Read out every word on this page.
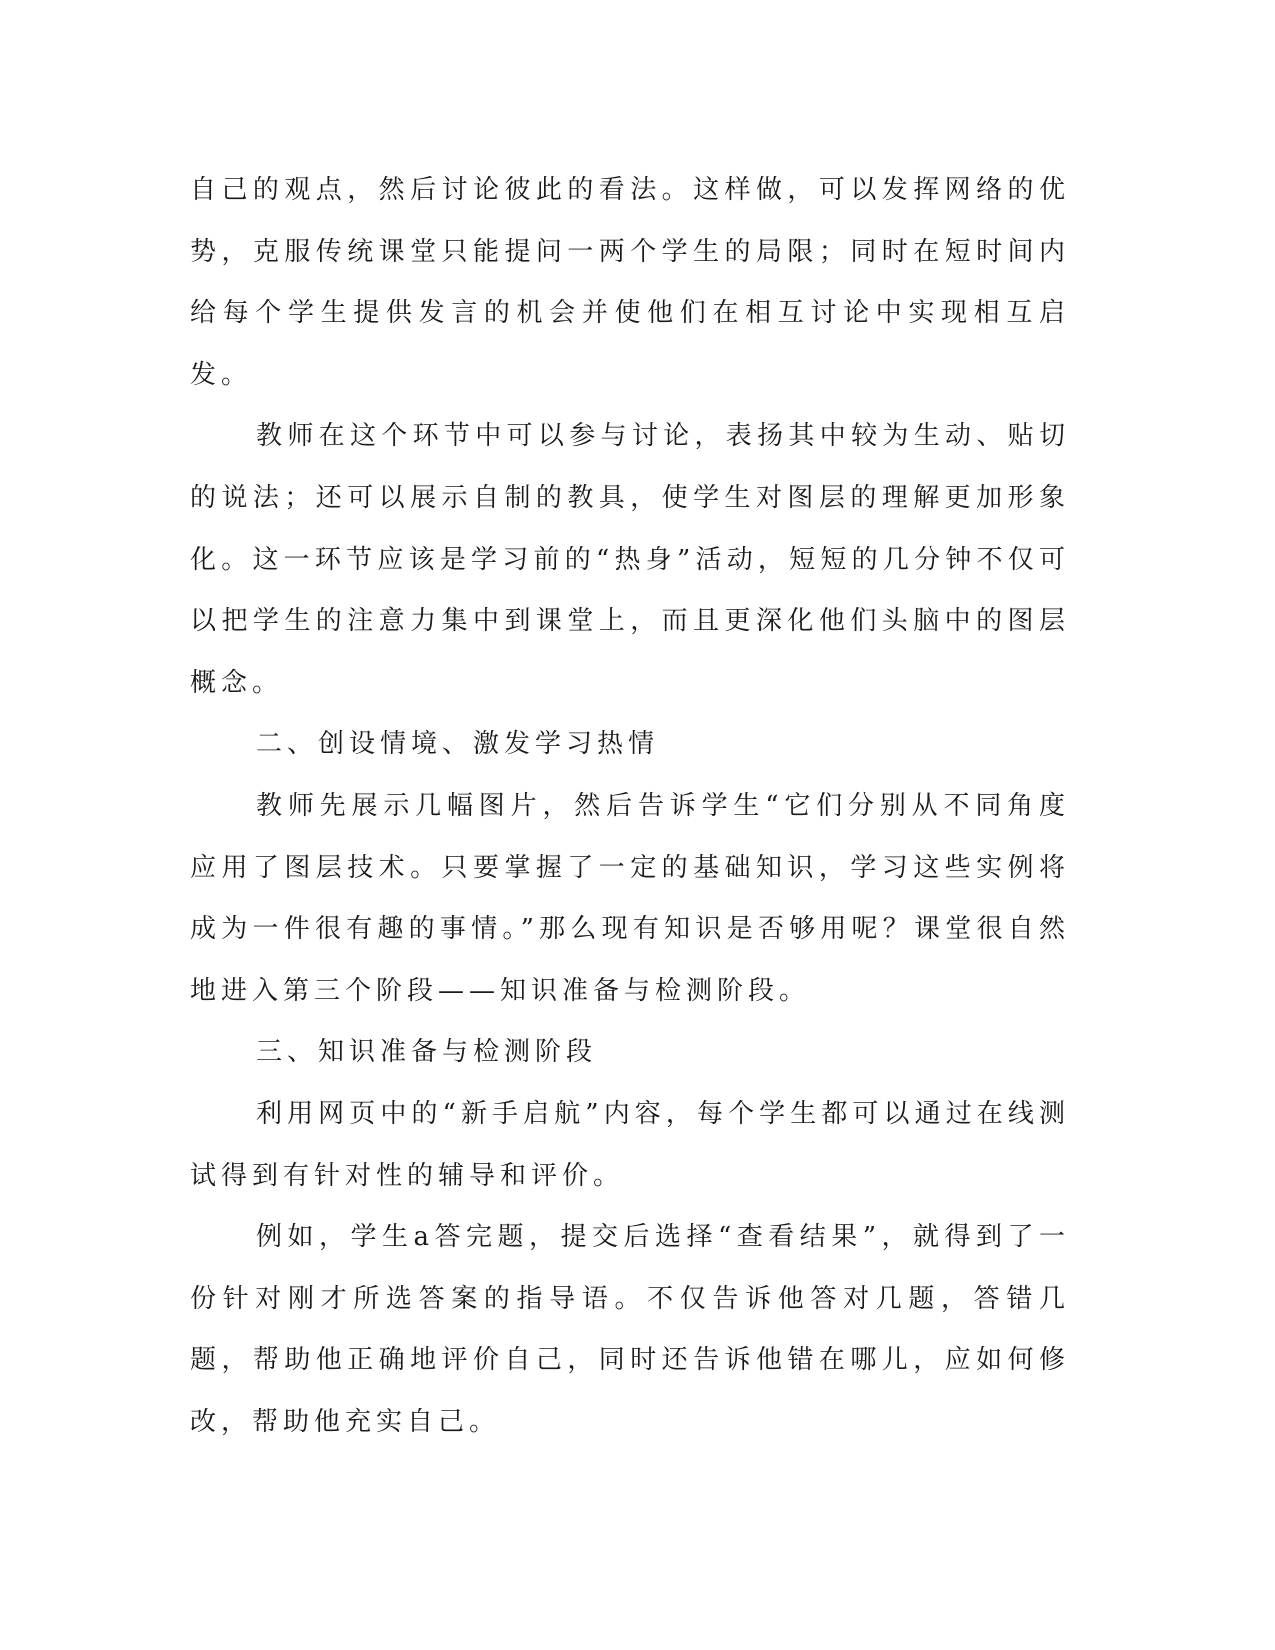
自己的观点，然后讨论彼此的看法。这样做，可以发挥网络的优势，克服传统课堂只能提问一两个学生的局限；同时在短时间内给每个学生提供发言的机会并使他们在相互讨论中实现相互启发。

教师在这个环节中可以参与讨论，表扬其中较为生动、贴切的说法；还可以展示自制的教具，使学生对图层的理解更加形象化。这一环节应该是学习前的“热身”活动，短短的几分钟不仅可以把学生的注意力集中到课堂上，而且更深化他们头脑中的图层概念。

二、创设情境、激发学习热情

教师先展示几幅图片，然后告诉学生“它们分别从不同角度应用了图层技术。只要掌握了一定的基础知识，学习这些实例将成为一件很有趣的事情。”那么现有知识是否够用呢？课堂很自然地进入第三个阶段——知识准备与检测阶段。

三、知识准备与检测阶段

利用网页中的“新手启航”内容，每个学生都可以通过在线测试得到有针对性的辅导和评价。

例如，学生a答完题，提交后选择“查看结果”，就得到了一份针对刚才所选答案的指导语。不仅告诉他答对几题，答错几题，帮助他正确地评价自己，同时还告诉他错在哪儿，应如何修改，帮助他充实自己。
